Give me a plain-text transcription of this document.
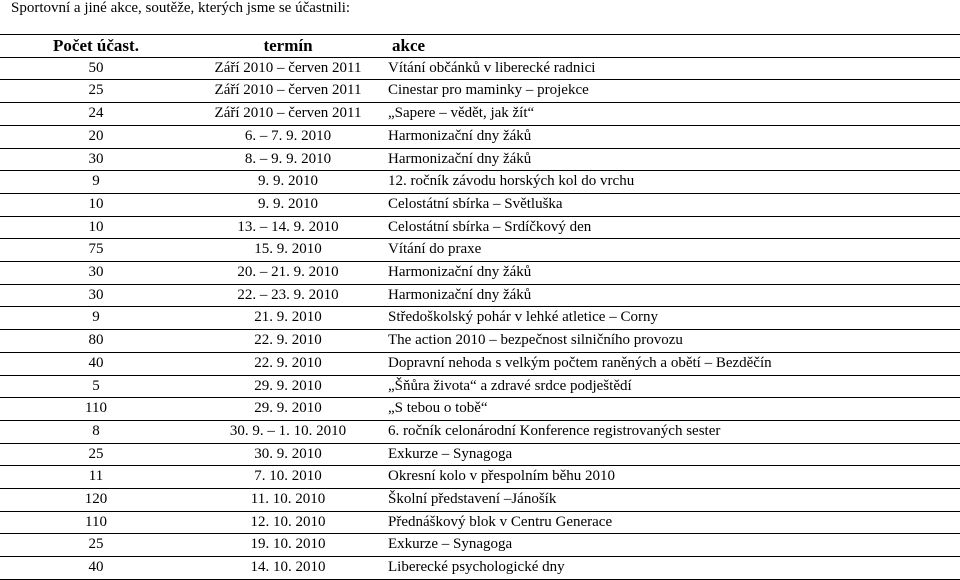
Sportovní a jiné akce, soutěže, kterých jsme se účastnili:
Počet účast.	termín	akce
50	Září 2010 – červen 2011	Vítání občánků v liberecké radnici
25	Září 2010 – červen 2011	Cinestar pro maminky – projekce
24	Září 2010 – červen 2011	„Sapere – vědět, jak žít“
20	6. – 7. 9. 2010	Harmonizační dny žáků
30	8. – 9. 9. 2010	Harmonizační dny žáků
9	9. 9. 2010	12. ročník závodu horských kol do vrchu
10	9. 9. 2010	Celostátní sbírka – Světluška
10	13. – 14. 9. 2010	Celostátní sbírka – Srdíčkový den
75	15. 9. 2010	Vítání do praxe
30	20. – 21. 9. 2010	Harmonizační dny žáků
30	22. – 23. 9. 2010	Harmonizační dny žáků
9	21. 9. 2010	Středoškolský pohár v lehké atletice – Corny
80	22. 9. 2010	The action 2010 – bezpečnost silničního provozu
40	22. 9. 2010	Dopravní nehoda s velkým počtem raněných a obětí – Bezděčín
5	29. 9. 2010	„Šňůra života“ a zdravé srdce podještědí
110	29. 9. 2010	„S tebou o tobě“
8	30. 9. – 1. 10. 2010	6. ročník celonárodní Konference registrovaných sester
25	30. 9. 2010	Exkurze – Synagoga
11	7. 10. 2010	Okresní kolo v přespolním běhu 2010
120	11. 10. 2010	Školní představení –Jánošík
110	12. 10. 2010	Přednáškový blok v Centru Generace
25	19. 10. 2010	Exkurze – Synagoga
40	14. 10. 2010	Liberecké psychologické dny
